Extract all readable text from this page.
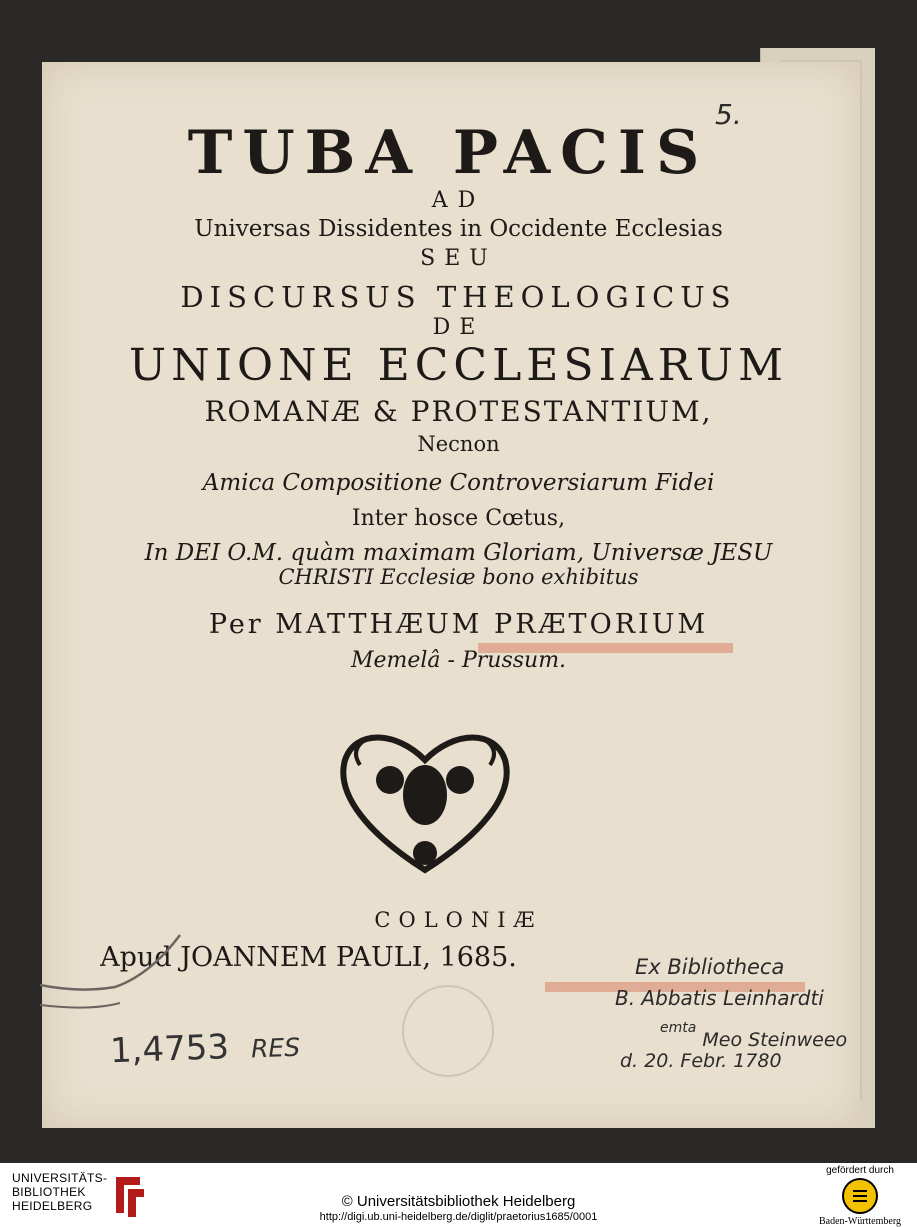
5.
TUBA PACIS
AD
Universas Dissidentes in Occidente Ecclesias
SEU
DISCURSUS THEOLOGICUS
DE
UNIONE ECCLESIARUM
ROMANÆ & PROTESTANTIUM,
Necnon
Amica Compositione Controversiarum Fidei
Inter hosce Cœtus,
In DEI O.M. quàm maximam Gloriam, Universæ JESU
CHRISTI Ecclesiæ bono exhibitus
Per MATTHÆUM PRÆTORIUM
Memelâ - Prussum.
COLONIÆ
Apud JOANNEM PAULI, 1685.	Ex Bibliotheca
B. Abbatis Leinhardti
$^{emta}$ Meo Steinweeo
d. 20. Febr. 1780
1,4753 RES
UNIVERSITÄTS-
BIBLIOTHEK
HEIDELBERG	© Universitätsbibliothek Heidelberg
http://digi.ub.uni-heidelberg.de/diglit/praetorius1685/0001
gefördert durch
Baden-Württemberg
